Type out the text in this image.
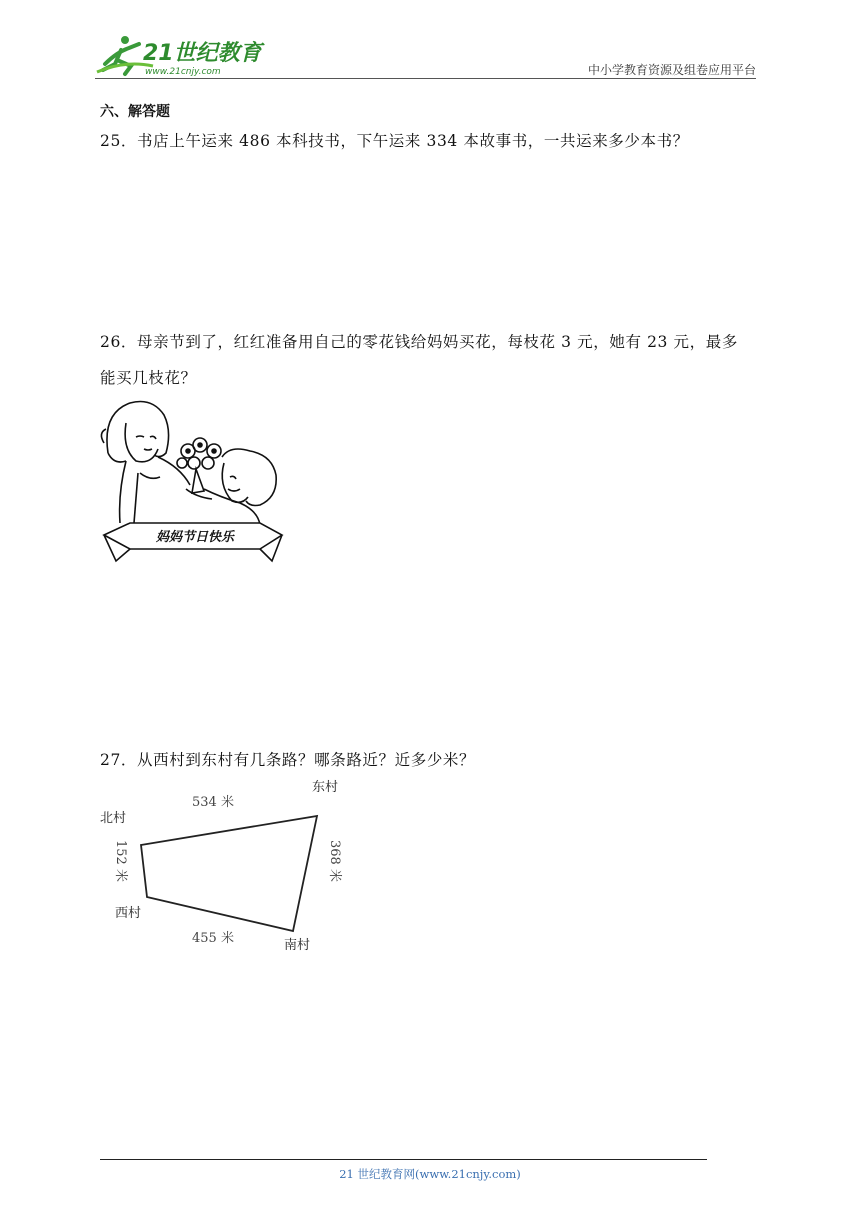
21世纪教育
www.21cnjy.com	中小学教育资源及组卷应用平台
六、解答题
25．书店上午运来 486 本科技书，下午运来 334 本故事书，一共运来多少本书？
26．母亲节到了，红红准备用自己的零花钱给妈妈买花，每枝花 3 元，她有 23 元，最多
能买几枝花？
妈妈节日快乐
27．从西村到东村有几条路？哪条路近？近多少米？
北村
东村
西村
南村
534 米
455 米
152 米	368 米
21 世纪教育网(www.21cnjy.com)
